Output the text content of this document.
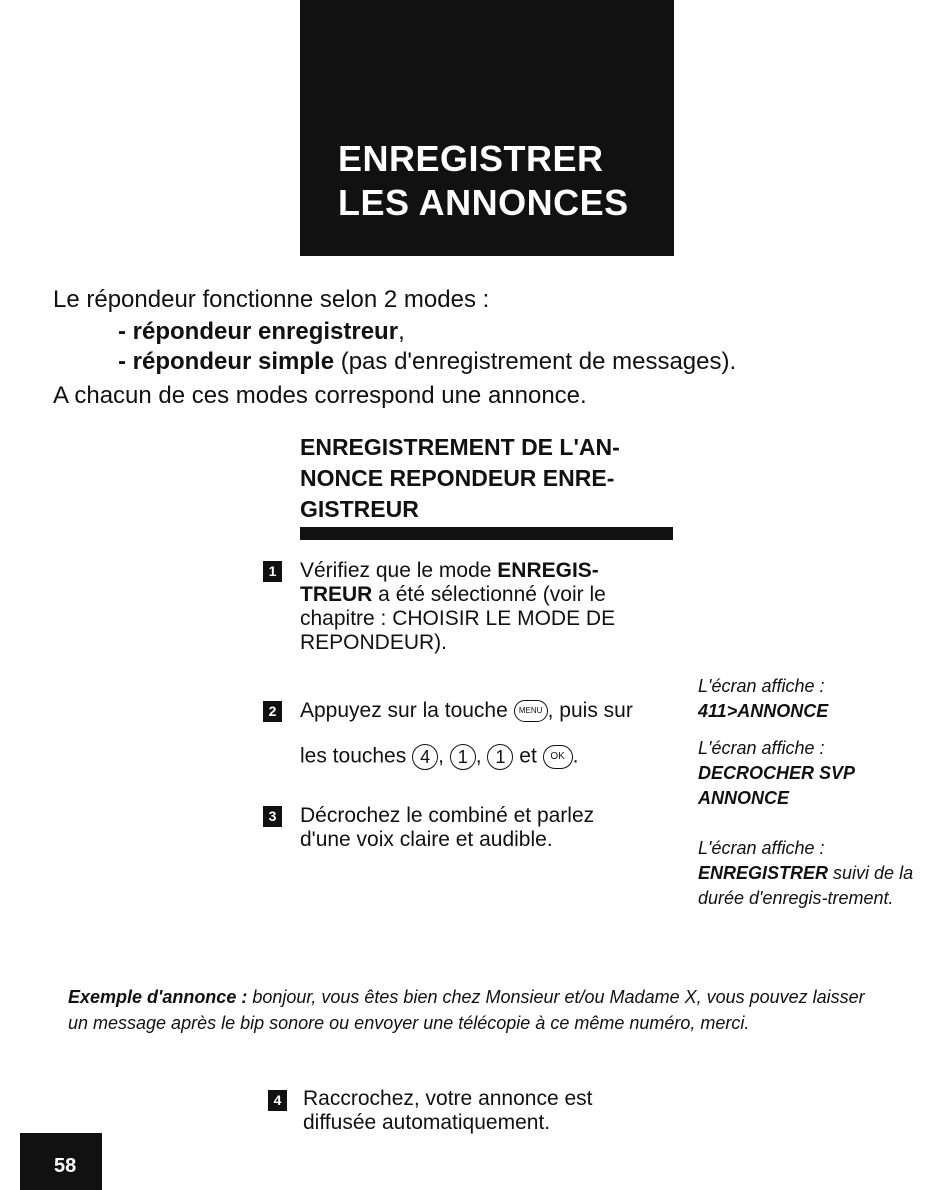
ENREGISTRER
LES ANNONCES
Le répondeur fonctionne selon 2 modes :
- répondeur enregistreur,
- répondeur simple (pas d'enregistrement de messages).
A chacun de ces modes correspond une annonce.
ENREGISTREMENT DE L'AN-
NONCE REPONDEUR ENRE-
GISTREUR
1 Vérifiez que le mode ENREGIS-
TREUR a été sélectionné (voir le chapitre : CHOISIR LE MODE DE REPONDEUR).
2 Appuyez sur la touche MENU , puis sur
les touches 4 , 1 , 1 et OK .
3 Décrochez le combiné et parlez d'une voix claire et audible.
L'écran affiche :
411>ANNONCE
L'écran affiche :
DECROCHER SVP ANNONCE
L'écran affiche :
ENREGISTRER suivi de la durée d'enregis-trement.
Exemple d'annonce : bonjour, vous êtes bien chez Monsieur et/ou Madame X, vous pouvez laisser un message après le bip sonore ou envoyer une télécopie à ce même numéro, merci.
4 Raccrochez, votre annonce est diffusée automatiquement.
58
